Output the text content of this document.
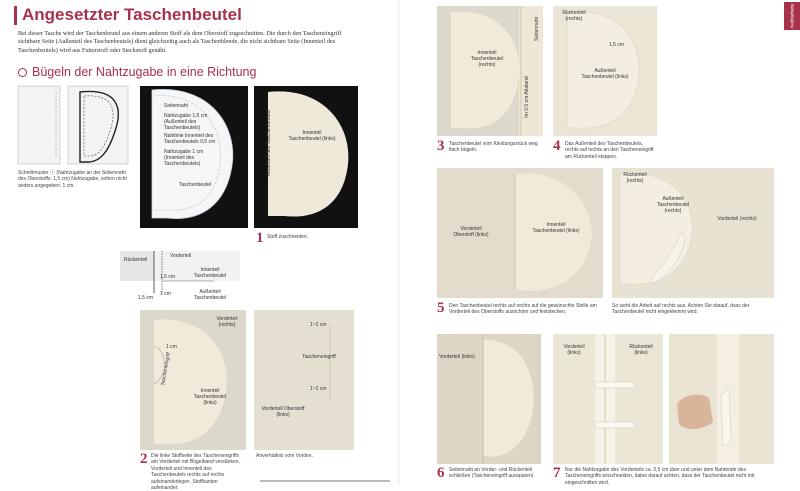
Angesetzter Taschenbeutel
Bei dieser Tasche wird der Taschenbeutel aus einem anderen Stoff als dem Oberstoff zugeschnitten. Die durch den Tascheneingriff sichtbare Seite (Außenteil des Taschenbeutels) dient gleichzeitig auch als Taschenblende, die nicht sichtbare Seite (Innenteil des Taschenbeutels) wird aus Futterstoff oder Steckstoff genäht.
Bügeln der Nahtzugabe in eine Richtung
Schnittmuster ⓢ (Nahtzugabe an der Seitennaht des Oberstoffs: 1,5 cm) Nahtzugabe, sofern nicht anders angegeben: 1 cm.
Seitennaht
Nahtzugabe 1,5 cm (Außenteil des Taschenbeutels)
Nahtlinie Innenteil des Taschenbeutels 0,5 cm
Nahtzugabe 1 cm (Innenteil des Taschenbeutels)
Taschenbeutel
Außenteil des Taschenbeutels	Innenteil Taschenbeutel (links)
1 Stoff zuschneiden.
Rückenteil
Vorderteil
1,5 cm
Innenteil Taschenbeutel
Außenteil Taschenbeutel
1,5 cm
1 cm
Vorderteil (rechts)
1 cm
Tascheneingriff
Innenteil Taschenbeutel (links)
2 Die linke Stoffseite des Tascheneingriffs am Vorderteil mit Bügelband verstärken. Vorderteil und Innenteil des Taschenbeutels rechts auf rechts aufeinanderlegen. Stoffkanten aufeinander.
1~2 cm
Tascheneingriff
1~2 cm
Vorderteil Oberstoff (links)
Anverhältnis vom Vorden.
Nahtlarbeite
Innenteil Taschenbeutel (rechts)
Seitennaht
Im 0,5 cm Abstand
3 Taschenbeutel vom Kleidungsstück weg flach bügeln.
Rückenteil (rechts)
1,5 cm
Außenteil Taschenbeutel (links)
4 Das Außenteil des Taschenbeutels, rechts auf rechts an den Tascheneingriff am Rückenteil steppen.
Vorderteil Oberstoff (links)
Innenteil Taschenbeutel (links)
5 Den Taschenbeutel rechts auf rechts auf die gewünschte Stelle am Vorderteil des Oberstoffs ausrichten und feststecken.
Rückenteil (rechts)
Außenteil Taschenbeutel (rechts)
Vorderteil (rechts)
So sieht die Arbeit auf rechts aus. Achten Sie darauf, dass der Taschenbeutel nicht eingeklemmt wird.
Vorderteil (links)
6 Seitennaht an Vorder- und Rückenteil schließen (Tascheneingriff aussparen).
Vorderteil (links)
Rückenteil (links)
7 Nur die Nahtzugabe des Vorderteils ca. 0,5 cm über und unter dem Nahtende des Tascheneingriffs einschneiden, dabei darauf achten, dass der Taschenbeutel nicht mit eingeschnitten wird.
